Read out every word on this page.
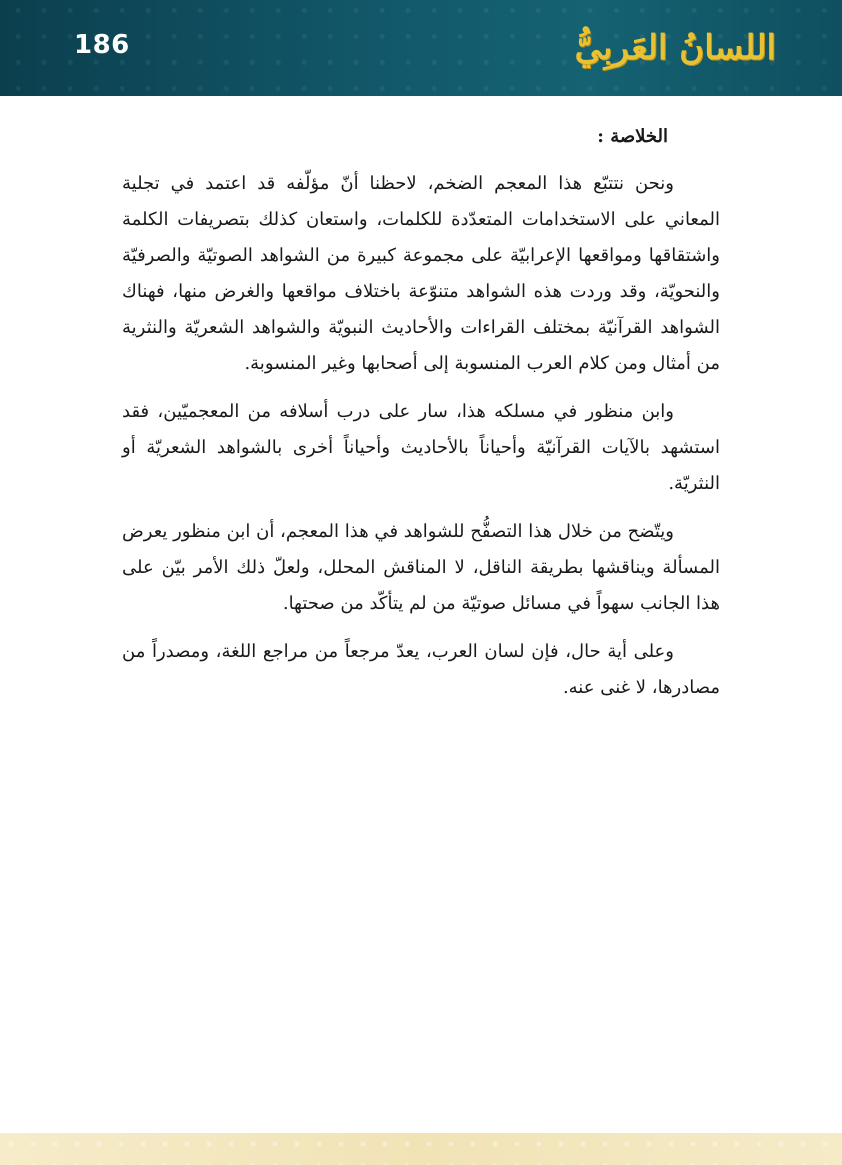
186	اللسانُ العَربِيُّ

الخلاصة :

ونحن نتتبّع هذا المعجم الضخم، لاحظنا أنّ مؤلّفه قد اعتمد في تجلية المعاني على الاستخدامات المتعدّدة للكلمات، واستعان كذلك بتصريفات الكلمة واشتقاقها ومواقعها الإعرابيّة على مجموعة كبيرة من الشواهد الصوتيّة والصرفيّة والنحويّة، وقد وردت هذه الشواهد متنوّعة باختلاف مواقعها والغرض منها، فهناك الشواهد القرآنيّة بمختلف القراءات والأحاديث النبويّة والشواهد الشعريّة والنثرية من أمثال ومن كلام العرب المنسوبة إلى أصحابها وغير المنسوبة.

وابن منظور في مسلكه هذا، سار على درب أسلافه من المعجميّين، فقد استشهد بالآيات القرآنيّة وأحياناً بالأحاديث وأحياناً أخرى بالشواهد الشعريّة أو النثريّة.

ويتّضح من خلال هذا التصفُّح للشواهد في هذا المعجم، أن ابن منظور يعرض المسألة ويناقشها بطريقة الناقل، لا المناقش المحلل، ولعلّ ذلك الأمر بيّن على هذا الجانب سهواً في مسائل صوتيّة من لم يتأكّد من صحتها.

وعلى أية حال، فإن لسان العرب، يعدّ مرجعاً من مراجع اللغة، ومصدراً من مصادرها، لا غنى عنه.
